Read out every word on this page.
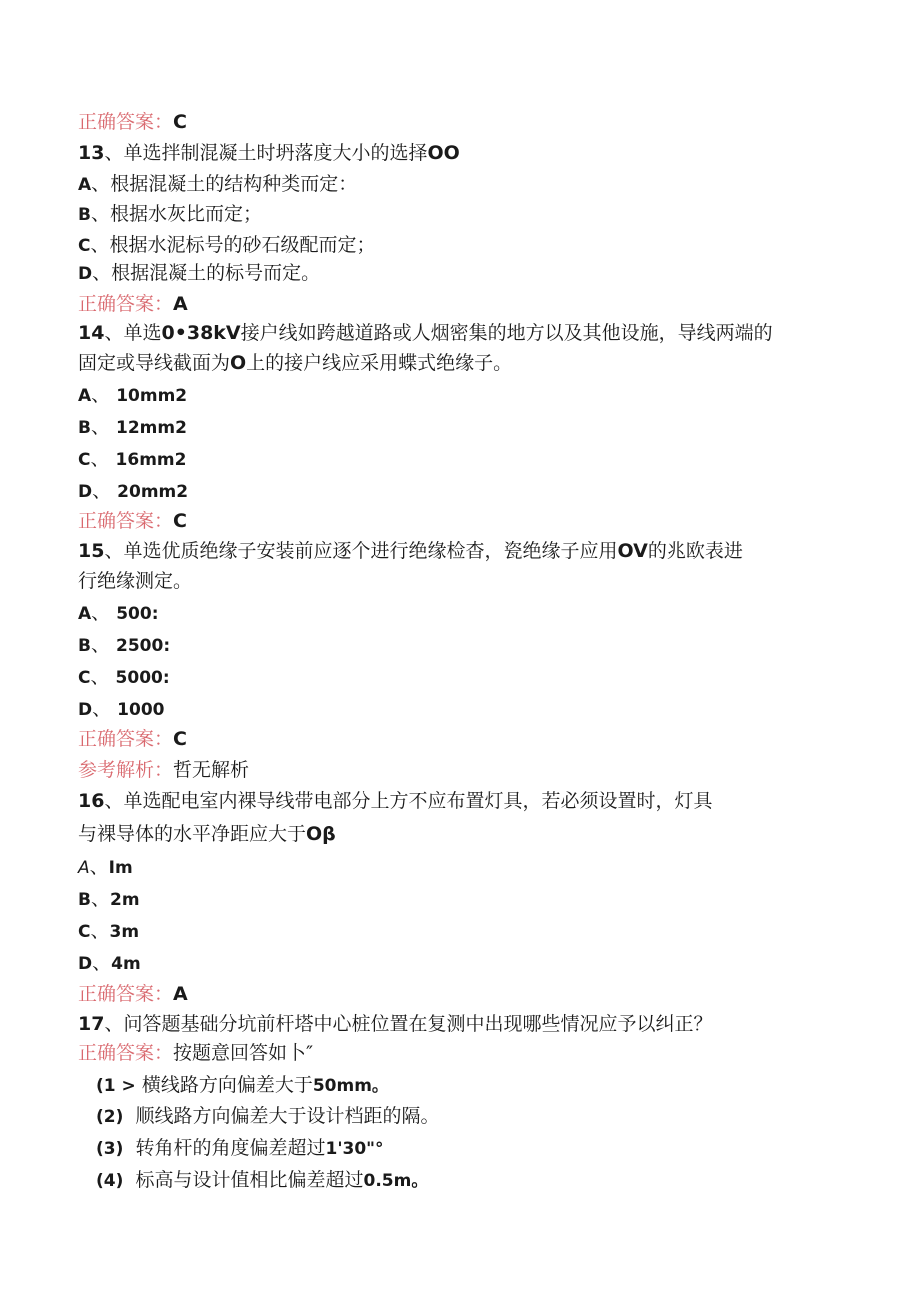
正确答案：C
13、单选拌制混凝土时坍落度大小的选择OO
A、根据混凝土的结构种类而定：
B、根据水灰比而定；
C、根据水泥标号的砂石级配而定；
D、根据混凝土的标号而定。
正确答案：A
14、单选0•38kV接户线如跨越道路或人烟密集的地方以及其他设施，导线两端的
固定或导线截面为O上的接户线应采用蝶式绝缘子。
A、 10mm2
B、 12mm2
C、 16mm2
D、 20mm2
正确答案：C
15、单选优质绝缘子安装前应逐个进行绝缘检杳，瓷绝缘子应用OV的兆欧表进
行绝缘测定。
A、 500:
B、 2500:
C、 5000:
D、 1000
正确答案：C
参考解析：哲无解析
16、单选配电室内裸导线带电部分上方不应布置灯具，若必须设置时，灯具
与裸导体的水平净距应大于Oβ
A、Im
B、2m
C、3m
D、4m
正确答案：A
17、问答题基础分坑前杆塔中心桩位置在复测中出现哪些情况应予以纠正？
正确答案：按题意回答如卜″
(1 > 横线路方向偏差大于50mm。
(2) 顺线路方向偏差大于设计档距的隔。
(3) 转角杆的角度偏差超过1'30"°
(4) 标高与设计值相比偏差超过0.5m。
